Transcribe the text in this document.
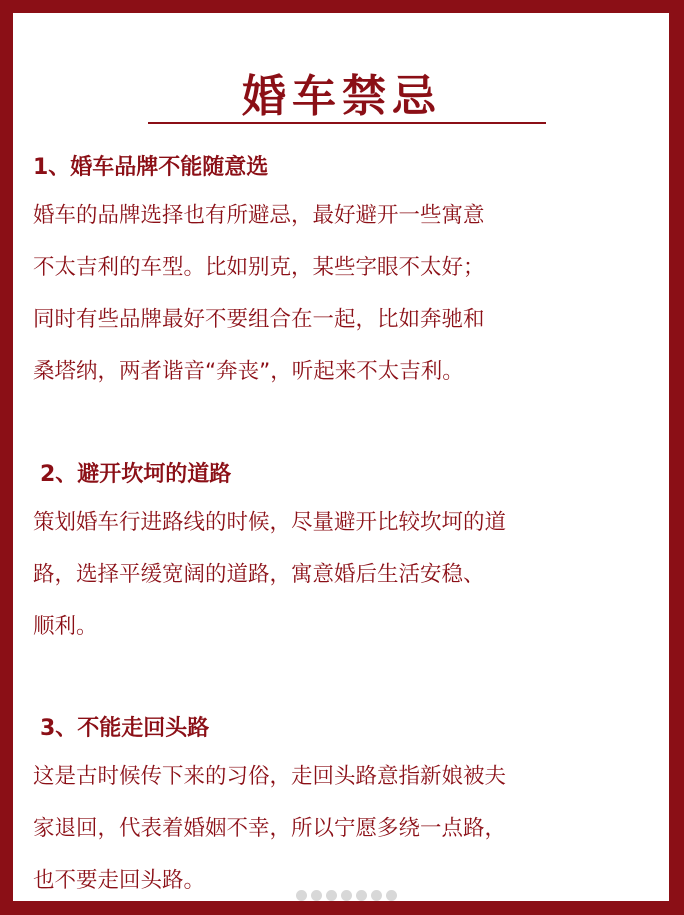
婚车禁忌
1、婚车品牌不能随意选

婚车的品牌选择也有所避忌，最好避开一些寓意
不太吉利的车型。比如别克，某些字眼不太好；
同时有些品牌最好不要组合在一起，比如奔驰和
桑塔纳，两者谐音“奔丧”，听起来不太吉利。

2、避开坎坷的道路

策划婚车行进路线的时候，尽量避开比较坎坷的道
路，选择平缓宽阔的道路，寓意婚后生活安稳、
顺利。

3、不能走回头路

这是古时候传下来的习俗，走回头路意指新娘被夫
家退回，代表着婚姻不幸，所以宁愿多绕一点路，
也不要走回头路。
